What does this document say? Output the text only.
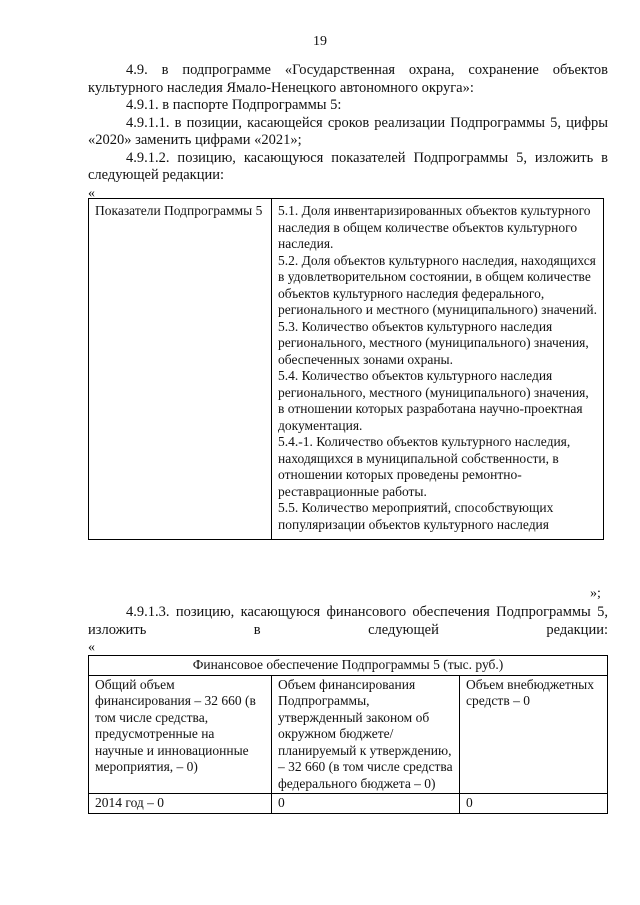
19

4.9. в подпрограмме «Государственная охрана, сохранение объектов культурного наследия Ямало-Ненецкого автономного округа»:

4.9.1. в паспорте Подпрограммы 5:

4.9.1.1. в позиции, касающейся сроков реализации Подпрограммы 5, цифры «2020» заменить цифрами «2021»;

4.9.1.2. позицию, касающуюся показателей Подпрограммы 5, изложить в следующей редакции:

«
Показатели Подпрограммы 5	5.1. Доля инвентаризированных объектов культурного наследия в общем количестве объектов культурного наследия.
5.2. Доля объектов культурного наследия, находящихся в удовлетворительном состоянии, в общем количестве объектов культурного наследия федерального, регионального и местного (муниципального) значений.
5.3. Количество объектов культурного наследия регионального, местного (муниципального) значения, обеспеченных зонами охраны.
5.4. Количество объектов культурного наследия регионального, местного (муниципального) значения, в отношении которых разработана научно-проектная документация.
5.4.-1. Количество объектов культурного наследия, находящихся в муниципальной собственности, в отношении которых проведены ремонтно-реставрационные работы.
5.5. Количество мероприятий, способствующих популяризации объектов культурного наследия
»;

4.9.1.3. позицию, касающуюся финансового обеспечения Подпрограммы 5, изложить в следующей редакции:

«
Финансовое обеспечение Подпрограммы 5 (тыс. руб.)		
Общий объем финансирования – 32 660 (в том числе средства, предусмотренные на научные и инновационные мероприятия, – 0)	Объем финансирования Подпрограммы, утвержденный законом об окружном бюджете/ планируемый к утверждению, – 32 660 (в том числе средства федерального бюджета – 0)	Объем внебюджетных средств – 0
2014 год – 0	0	0
